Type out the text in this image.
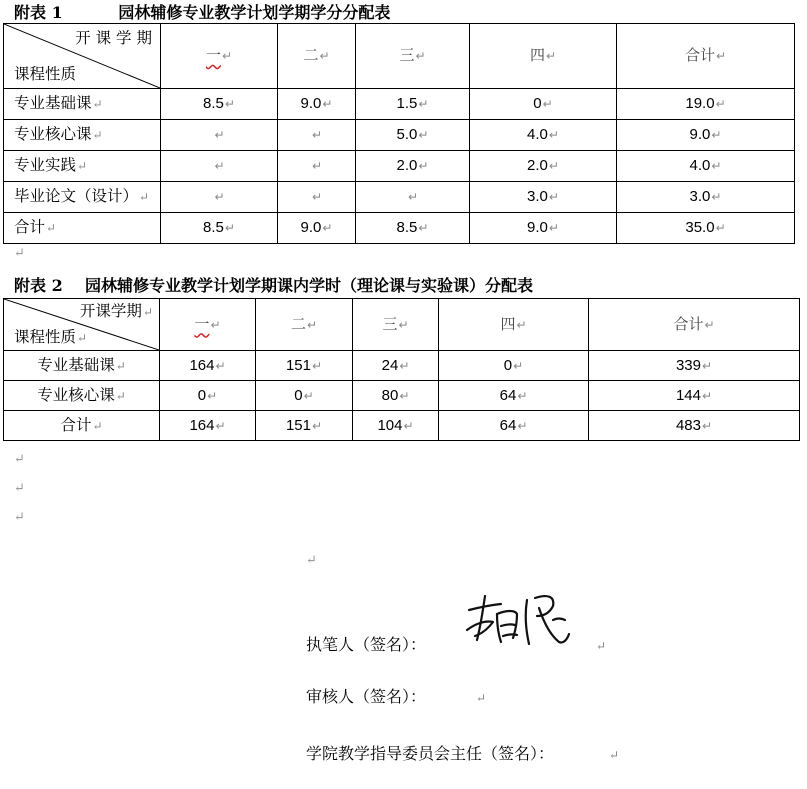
附表 1          园林辅修专业教学计划学期学分分配表
开 课 学 期
课程性质	一↵	二↵	三↵	四↵	合计↵
专业基础课↵	8.5↵	9.0↵	1.5↵	0↵	19.0↵
专业核心课↵	↵	↵	5.0↵	4.0↵	9.0↵
专业实践↵	↵	↵	2.0↵	2.0↵	4.0↵
毕业论文（设计）↵	↵	↵	↵	3.0↵	3.0↵
合计↵	8.5↵	9.0↵	8.5↵	9.0↵	35.0↵
↵
附表 2    园林辅修专业教学计划学期课内学时（理论课与实验课）分配表
开课学期↵
课程性质↵	一↵	二↵	三↵	四↵	合计↵
专业基础课↵	164↵	151↵	24↵	0↵	339↵
专业核心课↵	0↵	0↵	80↵	64↵	144↵
合计↵	164↵	151↵	104↵	64↵	483↵
↵
↵
↵
↵
执笔人（签名）：	↵
审核人（签名）：	↵
学院教学指导委员会主任（签名）：	↵
